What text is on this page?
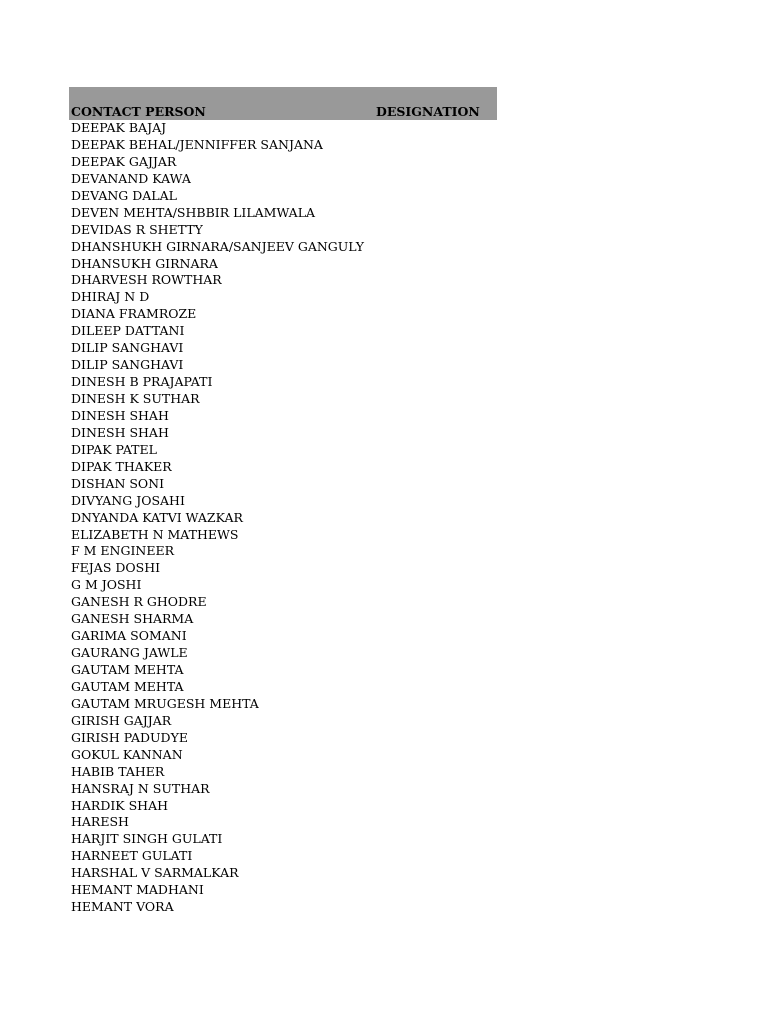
CONTACT PERSON	DESIGNATION
DEEPAK BAJAJ
DEEPAK BEHAL/JENNIFFER SANJANA
DEEPAK GAJJAR
DEVANAND KAWA
DEVANG DALAL
DEVEN MEHTA/SHBBIR LILAMWALA
DEVIDAS R SHETTY
DHANSHUKH GIRNARA/SANJEEV GANGULY
DHANSUKH GIRNARA
DHARVESH ROWTHAR
DHIRAJ N D
DIANA FRAMROZE
DILEEP DATTANI
DILIP SANGHAVI
DILIP SANGHAVI
DINESH B PRAJAPATI
DINESH K SUTHAR
DINESH SHAH
DINESH SHAH
DIPAK PATEL
DIPAK THAKER
DISHAN SONI
DIVYANG JOSAHI
DNYANDA KATVI WAZKAR
ELIZABETH N MATHEWS
F M ENGINEER
FEJAS DOSHI
G M JOSHI
GANESH R GHODRE
GANESH SHARMA
GARIMA SOMANI
GAURANG JAWLE
GAUTAM MEHTA
GAUTAM MEHTA
GAUTAM MRUGESH MEHTA
GIRISH GAJJAR
GIRISH PADUDYE
GOKUL KANNAN
HABIB TAHER
HANSRAJ N SUTHAR
HARDIK SHAH
HARESH
HARJIT SINGH GULATI
HARNEET GULATI
HARSHAL V SARMALKAR
HEMANT MADHANI
HEMANT VORA
